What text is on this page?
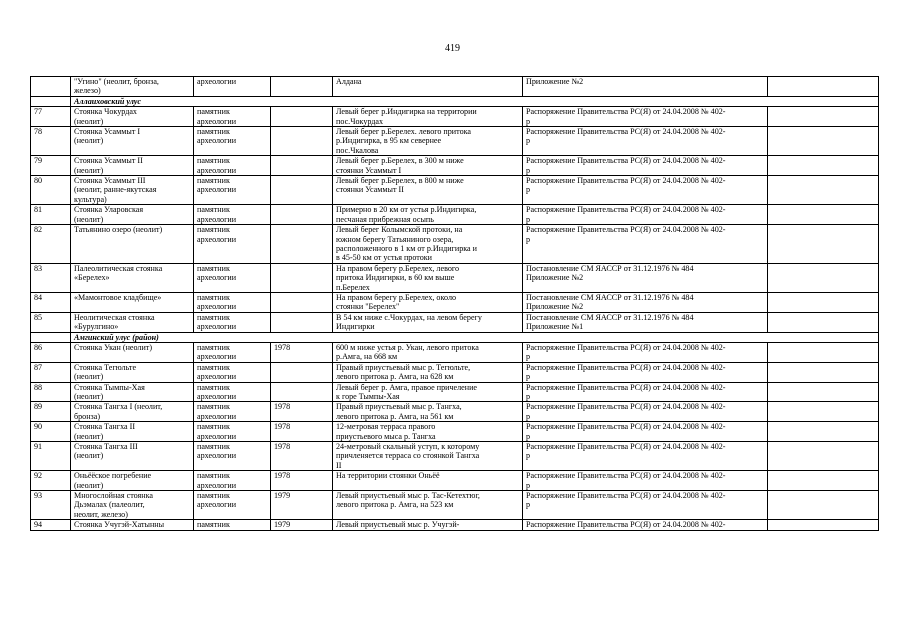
419
	"Угино" (неолит, бронза,
железо)	археологии		Алдана	Приложение №2	
	Аллаиховский улус					
77	Стоянка Чокурдах
(неолит)	памятник
археологии		Левый берег р.Индигирка на территории
пос.Чокурдах	Распоряжение Правительства РС(Я) от 24.04.2008 № 402-
р	
78	Стоянка Усаммыт I
(неолит)	памятник
археологии		Левый берег р.Берелех. левого притока
р.Индигирка, в 95 км севернее
пос.Чкалова	Распоряжение Правительства РС(Я) от 24.04.2008 № 402-
р	
79	Стоянка Усаммыт II
(неолит)	памятник
археологии		Левый берег р.Берелех, в 300 м ниже
стоянки Усаммыт I	Распоряжение Правительства РС(Я) от 24.04.2008 № 402-
р	
80	Стоянка Усаммыт III
(неолит, ранне-якутская
культура)	памятник
археологии		Левый берег р.Берелех, в 800 м ниже
стоянки Усаммыт II	Распоряжение Правительства РС(Я) от 24.04.2008 № 402-
р	
81	Стоянка Улаpовская
(неолит)	памятник
археологии		Примерно в 20 км от устья р.Индигирка,
песчаная прибрежная осыпь	Распоряжение Правительства РС(Я) от 24.04.2008 № 402-
р	
82	Татьянино озеро (неолит)	памятник
археологии		Левый берег Колымской протоки, на
южном берегу Татьяниного озера,
расположенного в 1 км от р.Индигирка и
в 45-50 км от устья протоки	Распоряжение Правительства РС(Я) от 24.04.2008 № 402-
р	
83	Палеолитическая стоянка
«Берелех»	памятник
археологии		На правом берегу р.Берелех, левого
притока Индигирки, в 60 км выше
п.Берелех	Постановление СМ ЯАССР от 31.12.1976 № 484
Приложение №2	
84	«Мамонтовое кладбище»	памятник
археологии		На правом берегу р.Берелех, около
стоянки "Берелех"	Постановление СМ ЯАССР от 31.12.1976 № 484
Приложение №2	
85	Неолитическая стоянка
«Бурулгино»	памятник
археологии		В 54 км ниже с.Чокурдах, на левом берегу
Индигирки	Постановление СМ ЯАССР от 31.12.1976 № 484
Приложение №1	
	Амгинский улус (район)					
86	Стоянка Укан (неолит)	памятник
археологии	1978	600 м ниже устья р. Укан, левого притока
р.Амга, на 668 км	Распоряжение Правительства РС(Я) от 24.04.2008 № 402-
р	
87	Стоянка Тегюльте
(неолит)	памятник
археологии		Правый приустьевый мыс р. Тегюльте,
левого притока р. Амга, на 628 км	Распоряжение Правительства РС(Я) от 24.04.2008 № 402-
р	
88	Стоянка Тымпы-Хая
(неолит)	памятник
археологии		Левый берег р. Амга, правое причеление
к горе Тымпы-Хая	Распоряжение Правительства РС(Я) от 24.04.2008 № 402-
р	
89	Стоянка Тангха I (неолит,
бронза)	памятник
археологии	1978	Правый приустьевый мыс р. Тангха,
левого притока р. Амга, на 561 км	Распоряжение Правительства РС(Я) от 24.04.2008 № 402-
р	
90	Стоянка Тангха II
(неолит)	памятник
археологии	1978	12-метровая терраса правого
приустьевого мыса р. Тангха	Распоряжение Правительства РС(Я) от 24.04.2008 № 402-
р	
91	Стоянка Тангха III
(неолит)	памятник
археологии	1978	24-метровый скальный уступ, к которому
причленяется терраса со стоянкой Тангха
II	Распоряжение Правительства РС(Я) от 24.04.2008 № 402-
р	
92	Оньёёское погребение
(неолит)	памятник
археологии	1978	На территории стоянки Оньёё	Распоряжение Правительства РС(Я) от 24.04.2008 № 402-
р	
93	Многослойная стоянка
Дьэмалах (палеолит,
неолит, железо)	памятник
археологии	1979	Левый приустьевый мыс р. Тас-Кетехтюг,
левого притока р. Амга, на 523 км	Распоряжение Правительства РС(Я) от 24.04.2008 № 402-
р	
94	Стоянка Учугэй-Хатынны	памятник	1979	Левый приустьевый мыс р. Учугэй-	Распоряжение Правительства РС(Я) от 24.04.2008 № 402-	
